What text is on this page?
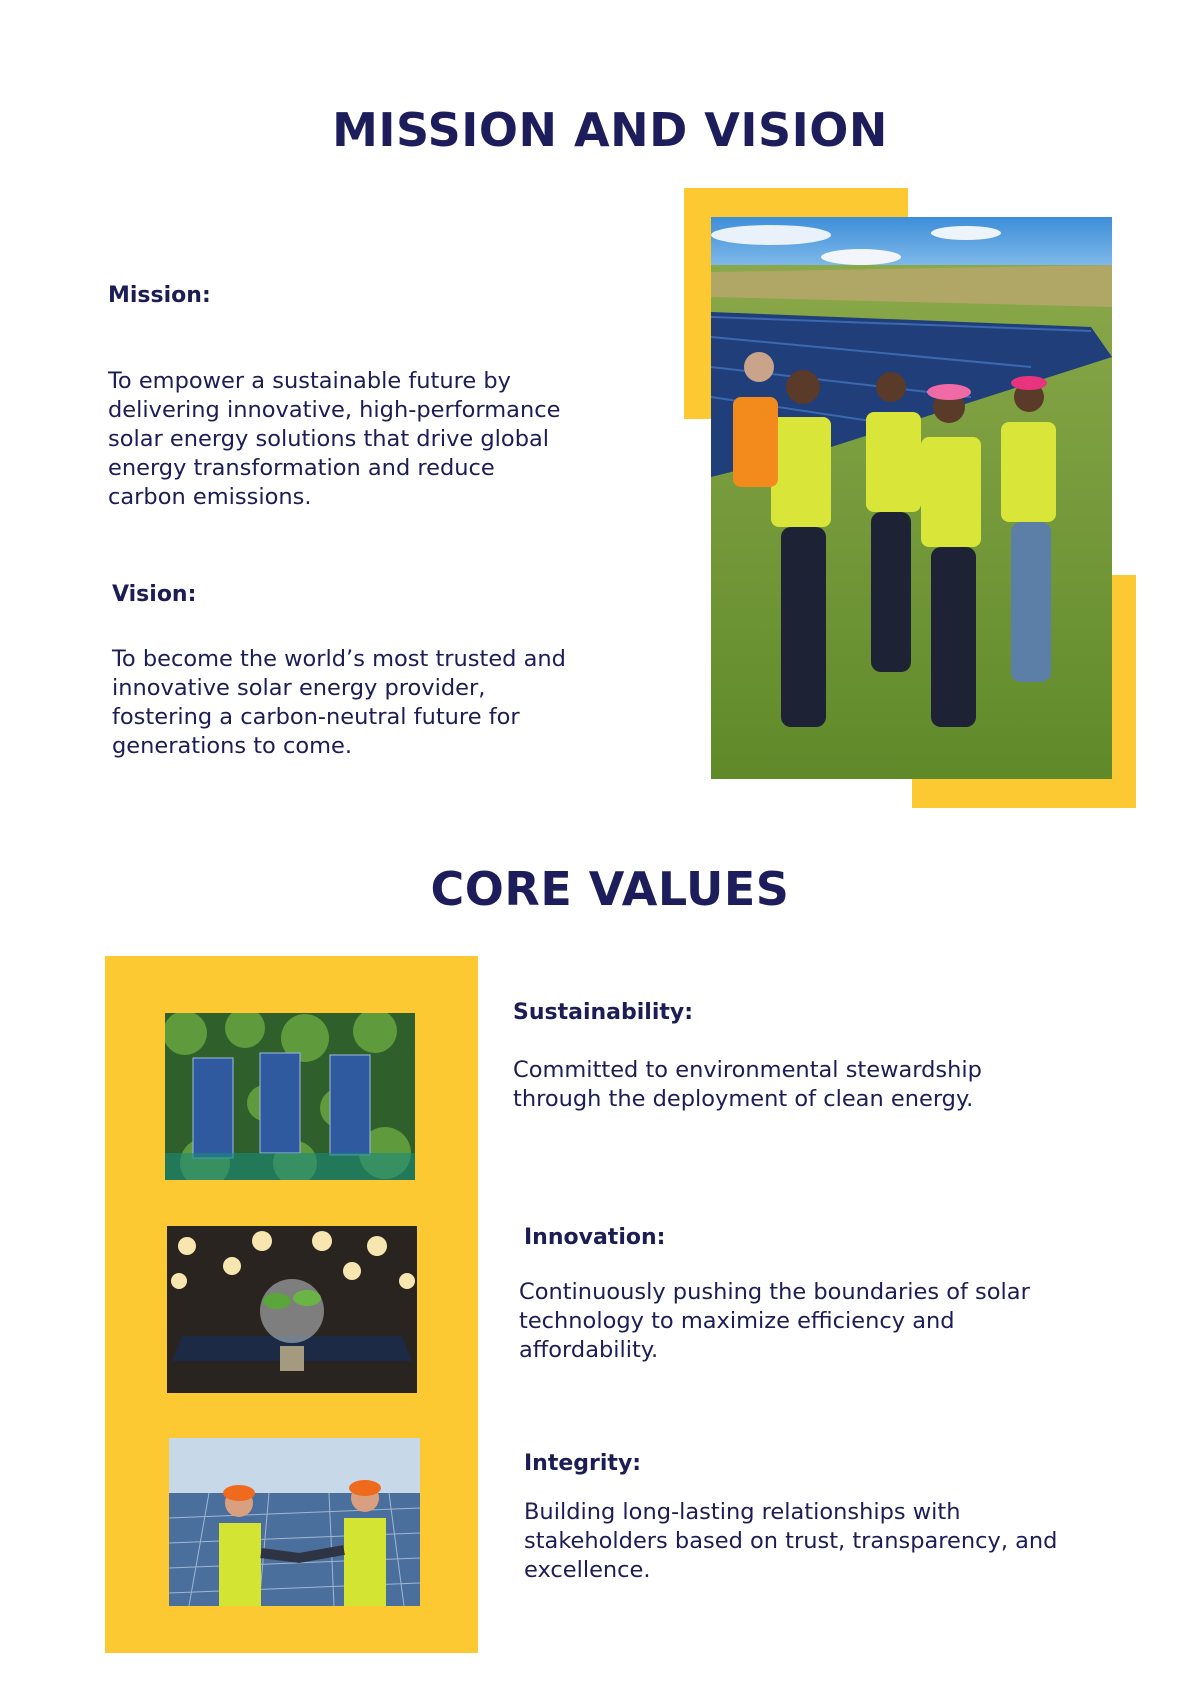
MISSION AND VISION

Mission:

To empower a sustainable future by delivering innovative, high-performance solar energy solutions that drive global energy transformation and reduce carbon emissions.

Vision:

To become the world’s most trusted and innovative solar energy provider, fostering a carbon-neutral future for generations to come.

CORE VALUES

Sustainability:

Committed to environmental stewardship through the deployment of clean energy.

Innovation:

Continuously pushing the boundaries of solar technology to maximize efficiency and affordability.

Integrity:

Building long-lasting relationships with stakeholders based on trust, transparency, and excellence.
